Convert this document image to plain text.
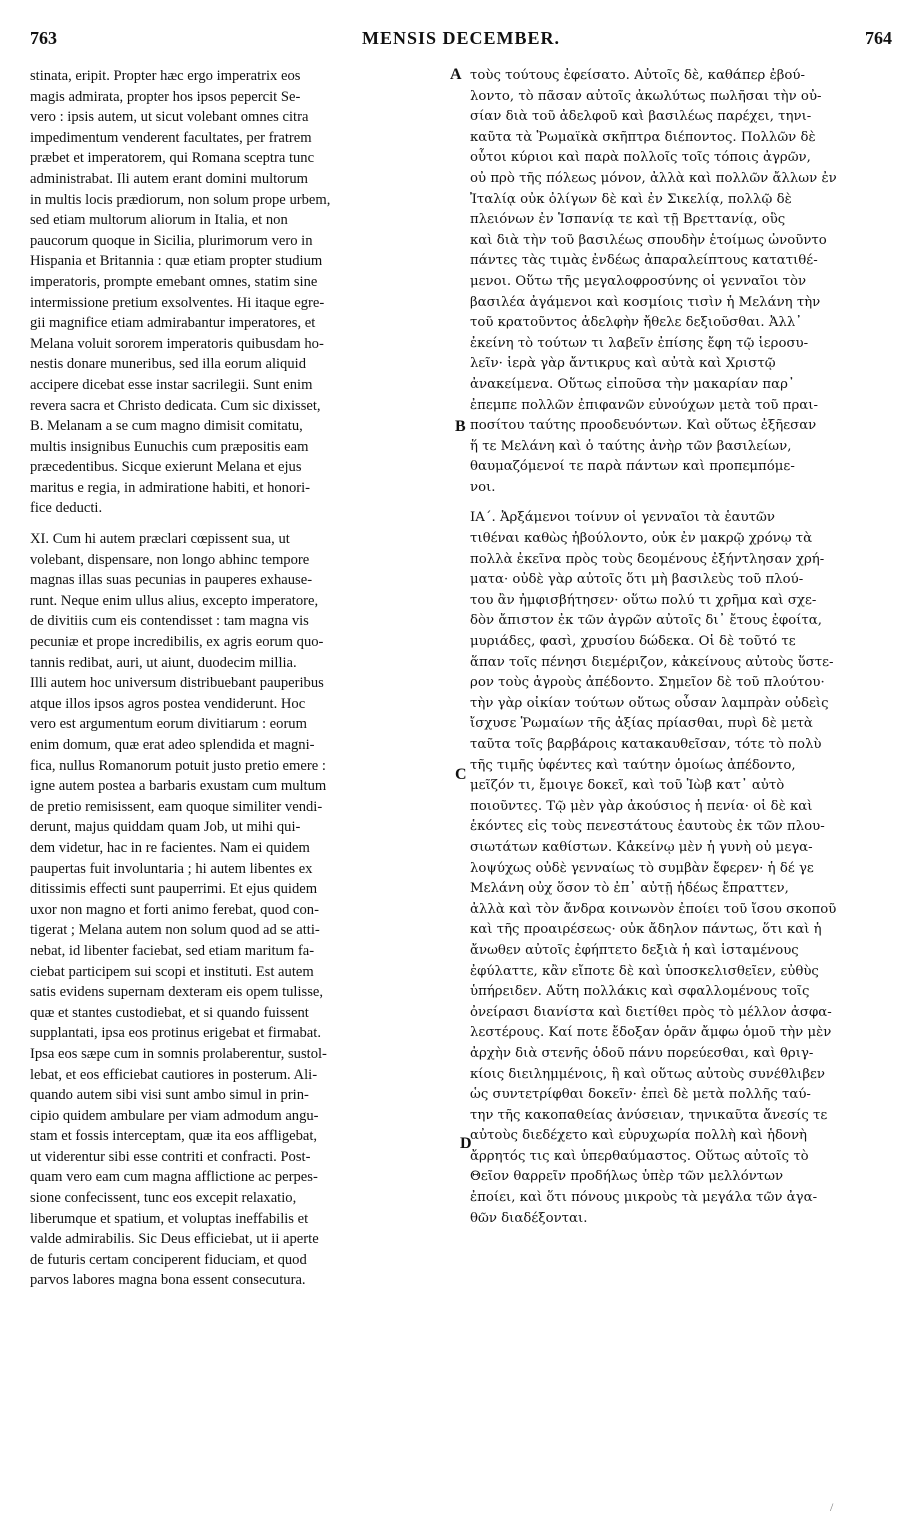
763	MENSIS DECEMBER.	764
stinata, eripit. Propter hæc ergo imperatrix eos
magis admirata, propter hos ipsos pepercit Se-
vero : ipsis autem, ut sicut volebant omnes citra
impedimentum venderent facultates, per fratrem
præbet et imperatorem, qui Romana sceptra tunc
administrabat. Ili autem erant domini multorum
in multis locis prædiorum, non solum prope urbem,
sed etiam multorum aliorum in Italia, et non
paucorum quoque in Sicilia, plurimorum vero in
Hispania et Britannia : quæ etiam propter studium
imperatoris, prompte emebant omnes, statim sine
intermissione pretium exsolventes. Hi itaque egre-
gii magnifice etiam admirabantur imperatores, et
Melana voluit sororem imperatoris quibusdam ho-
nestis donare muneribus, sed illa eorum aliquid
accipere dicebat esse instar sacrilegii. Sunt enim
revera sacra et Christo dedicata. Cum sic dixisset,
B. Melanam a se cum magno dimisit comitatu,
multis insignibus Eunuchis cum præpositis eam
præcedentibus. Sicque exierunt Melana et ejus
maritus e regia, in admiratione habiti, et honori-
fice deducti.
XI. Cum hi autem præclari cœpissent sua, ut
volebant, dispensare, non longo abhinc tempore
magnas illas suas pecunias in pauperes exhause-
runt. Neque enim ullus alius, excepto imperatore,
de divitiis cum eis contendisset : tam magna vis
pecuniæ et prope incredibilis, ex agris eorum quo-
tannis redibat, auri, ut aiunt, duodecim millia.
Illi autem hoc universum distribuebant pauperibus
atque illos ipsos agros postea vendiderunt. Hoc
vero est argumentum eorum divitiarum : eorum
enim domum, quæ erat adeo splendida et magni-
fica, nullus Romanorum potuit justo pretio emere :
igne autem postea a barbaris exustam cum multum
de pretio remisissent, eam quoque similiter vendi-
derunt, majus quiddam quam Job, ut mihi qui-
dem videtur, hac in re facientes. Nam ei quidem
paupertas fuit involuntaria ; hi autem libentes ex
ditissimis effecti sunt pauperrimi. Et ejus quidem
uxor non magno et forti animo ferebat, quod con-
tigerat ; Melana autem non solum quod ad se atti-
nebat, id libenter faciebat, sed etiam maritum fa-
ciebat participem sui scopi et instituti. Est autem
satis evidens supernam dexteram eis opem tulisse,
quæ et stantes custodiebat, et si quando fuissent
supplantati, ipsa eos protinus erigebat et firmabat.
Ipsa eos sæpe cum in somnis prolaberentur, sustol-
lebat, et eos efficiebat cautiores in posterum. Ali-
quando autem sibi visi sunt ambo simul in prin-
cipio quidem ambulare per viam admodum angu-
stam et fossis interceptam, quæ ita eos affligebat,
ut viderentur sibi esse contriti et confracti. Post-
quam vero eam cum magna afflictione ac perpes-
sione confecissent, tunc eos excepit relaxatio,
liberumque et spatium, et voluptas ineffabilis et
valde admirabilis. Sic Deus efficiebat, ut ii aperte
de futuris certam conciperent fiduciam, et quod
parvos labores magna bona essent consecutura.
τοὺς τούτους ἐφείσατο. Αὐτοῖς δὲ, καθάπερ ἐβού-
λοντο, τὸ πᾶσαν αὐτοῖς ἀκωλύτως πωλῆσαι τὴν οὐ-
σίαν διὰ τοῦ ἀδελφοῦ καὶ βασιλέως παρέχει, τηνι-
καῦτα τὰ Ῥωμαϊκὰ σκῆπτρα διέποντος. Πολλῶν δὲ
οὗτοι κύριοι καὶ παρὰ πολλοῖς τοῖς τόποις ἀγρῶν,
οὐ πρὸ τῆς πόλεως μόνον, ἀλλὰ καὶ πολλῶν ἄλλων ἐν
Ἰταλίᾳ οὐκ ὀλίγων δὲ καὶ ἐν Σικελίᾳ, πολλῷ δὲ
πλειόνων ἐν Ἱσπανίᾳ τε καὶ τῇ Βρεττανίᾳ, οὓς
καὶ διὰ τὴν τοῦ βασιλέως σπουδὴν ἑτοίμως ὠνοῦντο
πάντες τὰς τιμὰς ἐνδέως ἀπαραλείπτους κατατιθέ-
μενοι. Οὕτω τῆς μεγαλοφροσύνης οἱ γενναῖοι τὸν
βασιλέα ἀγάμενοι καὶ κοσμίοις τισὶν ἡ Μελάνη τὴν
τοῦ κρατοῦντος ἀδελφὴν ἤθελε δεξιοῦσθαι. Ἀλλ᾽
ἐκείνη τὸ τούτων τι λαβεῖν ἐπίσης ἔφη τῷ ἱεροσυ-
λεῖν· ἱερὰ γὰρ ἄντικρυς καὶ αὐτὰ καὶ Χριστῷ
ἀνακείμενα. Οὕτως εἰποῦσα τὴν μακαρίαν παρ᾽
ἐπεμπε πολλῶν ἐπιφανῶν εὐνούχων μετὰ τοῦ πραι-
ποσίτου ταύτης προοδευόντων. Καὶ οὕτως ἐξῆεσαν
ἥ τε Μελάνη καὶ ὁ ταύτης ἀνὴρ τῶν βασιλείων,
θαυμαζόμενοί τε παρὰ πάντων καὶ προπεμπόμε-
νοι.
ΙΑ΄. Ἀρξάμενοι τοίνυν οἱ γενναῖοι τὰ ἑαυτῶν
τιθέναι καθὼς ἠβούλοντο, οὐκ ἐν μακρῷ χρόνῳ τὰ
πολλὰ ἐκεῖνα πρὸς τοὺς δεομένους ἐξήντλησαν χρή-
ματα· οὐδὲ γὰρ αὐτοῖς ὅτι μὴ βασιλεὺς τοῦ πλού-
του ἂν ἠμφισβήτησεν· οὕτω πολύ τι χρῆμα καὶ σχε-
δὸν ἄπιστον ἐκ τῶν ἀγρῶν αὐτοῖς δι᾽ ἔτους ἐφοίτα,
μυριάδες, φασὶ, χρυσίου δώδεκα. Οἱ δὲ τοῦτό τε
ἅπαν τοῖς πένησι διεμέριζον, κἀκείνους αὐτοὺς ὕστε-
ρον τοὺς ἀγροὺς ἀπέδοντο. Σημεῖον δὲ τοῦ πλούτου·
τὴν γὰρ οἰκίαν τούτων οὕτως οὖσαν λαμπρὰν οὐδεὶς
ἴσχυσε Ῥωμαίων τῆς ἀξίας πρίασθαι, πυρὶ δὲ μετὰ
ταῦτα τοῖς βαρβάροις κατακαυθεῖσαν, τότε τὸ πολὺ
τῆς τιμῆς ὑφέντες καὶ ταύτην ὁμοίως ἀπέδοντο,
μεῖζόν τι, ἔμοιγε δοκεῖ, καὶ τοῦ Ἰὼβ κατ᾽ αὐτὸ
ποιοῦντες. Τῷ μὲν γὰρ ἀκούσιος ἡ πενία· οἱ δὲ καὶ
ἑκόντες εἰς τοὺς πενεστάτους ἑαυτοὺς ἐκ τῶν πλου-
σιωτάτων καθίστων. Κἀκείνῳ μὲν ἡ γυνὴ οὐ μεγα-
λοψύχως οὐδὲ γενναίως τὸ συμβὰν ἔφερεν· ἡ δέ γε
Μελάνη οὐχ ὅσον τὸ ἐπ᾽ αὐτῇ ἡδέως ἔπραττεν,
ἀλλὰ καὶ τὸν ἄνδρα κοινωνὸν ἐποίει τοῦ ἴσου σκοποῦ
καὶ τῆς προαιρέσεως· οὐκ ἄδηλον πάντως, ὅτι καὶ ἡ
ἄνωθεν αὐτοῖς ἐφήπτετο δεξιὰ ἡ καὶ ἱσταμένους
ἐφύλαττε, κἂν εἴποτε δὲ καὶ ὑποσκελισθεῖεν, εὐθὺς
ὑπήρειδεν. Αὕτη πολλάκις καὶ σφαλλομένους τοῖς
ὀνείρασι διανίστα καὶ διετίθει πρὸς τὸ μέλλον ἀσφα-
λεστέρους. Καί ποτε ἔδοξαν ὁρᾶν ἄμφω ὁμοῦ τὴν μὲν
ἀρχὴν διὰ στενῆς ὁδοῦ πάνυ πορεύεσθαι, καὶ θριγ-
κίοις διειλημμένοις, ἣ καὶ οὕτως αὐτοὺς συνέθλιβεν
ὡς συντετρίφθαι δοκεῖν· ἐπεὶ δὲ μετὰ πολλῆς ταύ-
την τῆς κακοπαθείας ἀνύσειαν, τηνικαῦτα ἄνεσίς τε
αὐτοὺς διεδέχετο καὶ εὐρυχωρία πολλὴ καὶ ἡδονὴ
ἄρρητός τις καὶ ὑπερθαύμαστος. Οὕτως αὐτοῖς τὸ
Θεῖον θαρρεῖν προδήλως ὑπὲρ τῶν μελλόντων
ἐποίει, καὶ ὅτι πόνους μικροὺς τὰ μεγάλα τῶν ἀγα-
θῶν διαδέξονται.
A
B
C
D
/
